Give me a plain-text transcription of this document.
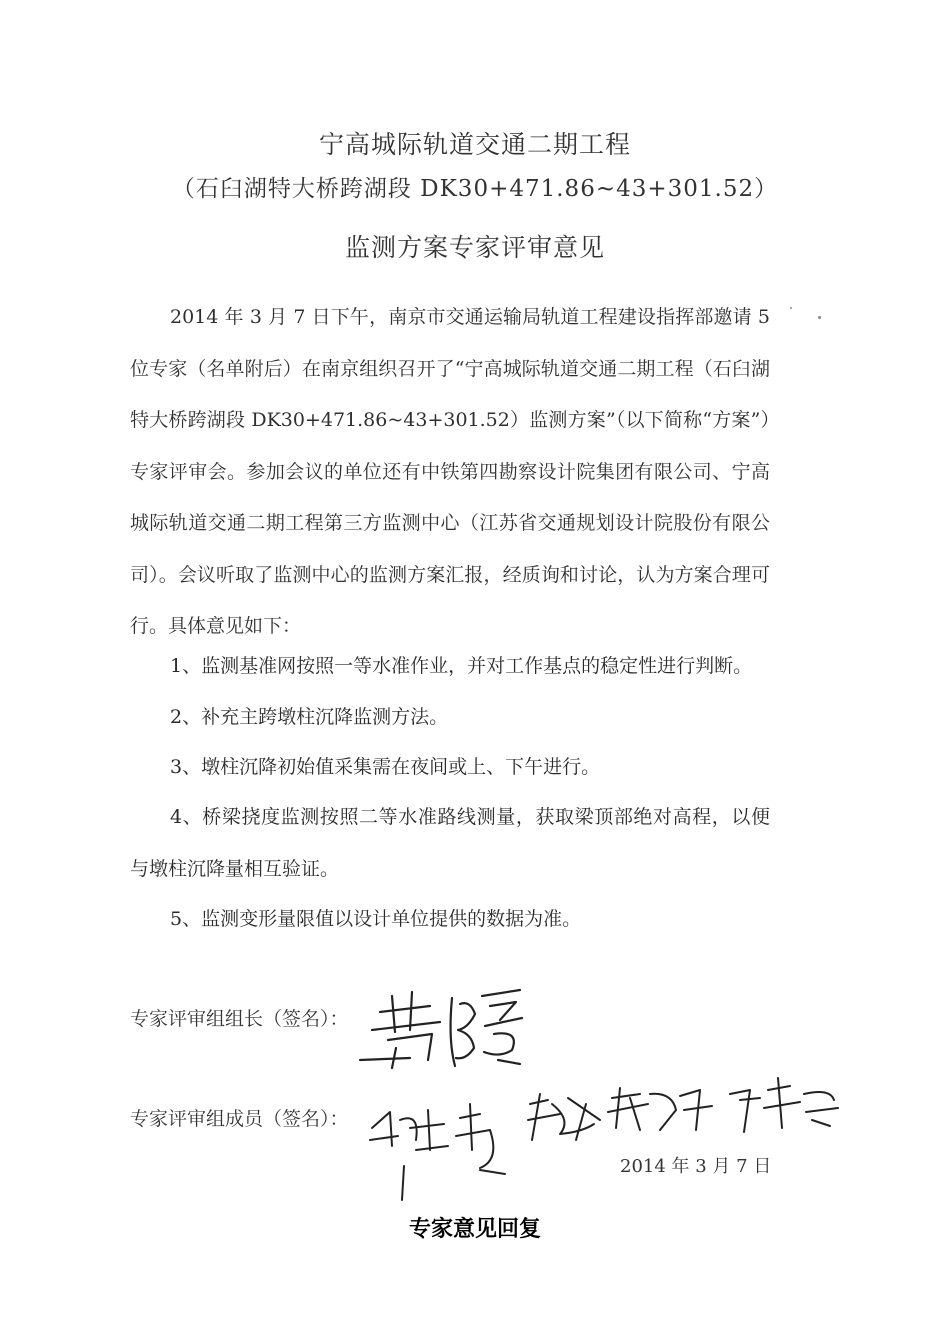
宁高城际轨道交通二期工程
（石臼湖特大桥跨湖段 DK30+471.86~43+301.52）
监测方案专家评审意见

2014 年 3 月 7 日下午，南京市交通运输局轨道工程建设指挥部邀请 5 位专家（名单附后）在南京组织召开了“宁高城际轨道交通二期工程（石臼湖特大桥跨湖段 DK30+471.86~43+301.52）监测方案”（以下简称“方案”）专家评审会。参加会议的单位还有中铁第四勘察设计院集团有限公司、宁高城际轨道交通二期工程第三方监测中心（江苏省交通规划设计院股份有限公司）。会议听取了监测中心的监测方案汇报，经质询和讨论，认为方案合理可行。具体意见如下：

1、监测基准网按照一等水准作业，并对工作基点的稳定性进行判断。
2、补充主跨墩柱沉降监测方法。
3、墩柱沉降初始值采集需在夜间或上、下午进行。
4、桥梁挠度监测按照二等水准路线测量，获取梁顶部绝对高程，以便与墩柱沉降量相互验证。
5、监测变形量限值以设计单位提供的数据为准。
专家评审组组长（签名）：
专家评审组成员（签名）：
2014 年 3 月 7 日
专家意见回复
